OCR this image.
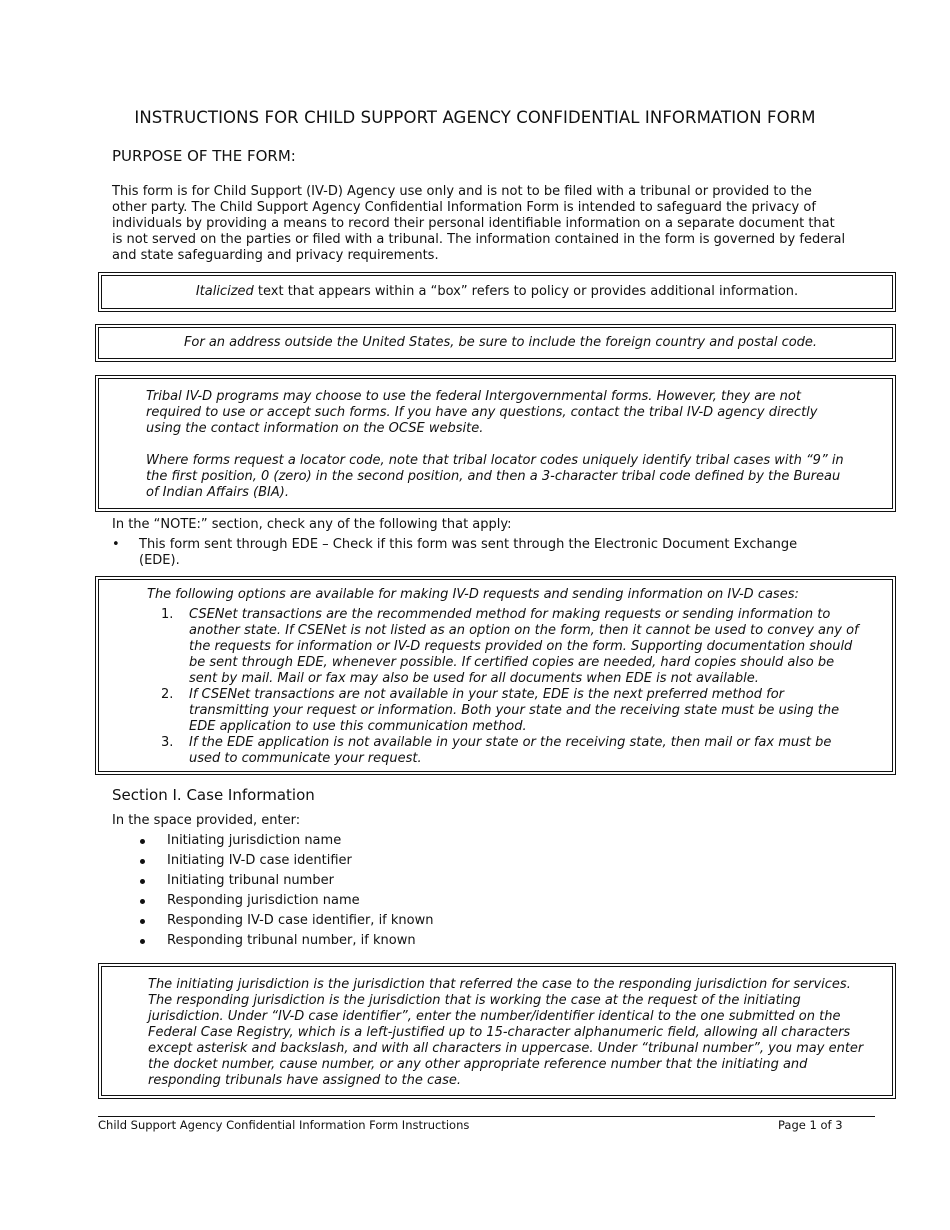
INSTRUCTIONS FOR CHILD SUPPORT AGENCY CONFIDENTIAL INFORMATION FORM
PURPOSE OF THE FORM:

This form is for Child Support (IV-D) Agency use only and is not to be filed with a tribunal or provided to the other party. The Child Support Agency Confidential Information Form is intended to safeguard the privacy of individuals by providing a means to record their personal identifiable information on a separate document that is not served on the parties or filed with a tribunal. The information contained in the form is governed by federal and state safeguarding and privacy requirements.

Italicized text that appears within a “box” refers to policy or provides additional information.

For an address outside the United States, be sure to include the foreign country and postal code.

Tribal IV-D programs may choose to use the federal Intergovernmental forms. However, they are not required to use or accept such forms. If you have any questions, contact the tribal IV-D agency directly using the contact information on the OCSE website.

Where forms request a locator code, note that tribal locator codes uniquely identify tribal cases with “9” in the first position, 0 (zero) in the second position, and then a 3-character tribal code defined by the Bureau of Indian Affairs (BIA).

In the “NOTE:” section, check any of the following that apply:
• This form sent through EDE – Check if this form was sent through the Electronic Document Exchange (EDE).

The following options are available for making IV-D requests and sending information on IV-D cases:

1. CSENet transactions are the recommended method for making requests or sending information to another state. If CSENet is not listed as an option on the form, then it cannot be used to convey any of the requests for information or IV-D requests provided on the form. Supporting documentation should be sent through EDE, whenever possible. If certified copies are needed, hard copies should also be sent by mail. Mail or fax may also be used for all documents when EDE is not available.
2. If CSENet transactions are not available in your state, EDE is the next preferred method for transmitting your request or information. Both your state and the receiving state must be using the EDE application to use this communication method.
3. If the EDE application is not available in your state or the receiving state, then mail or fax must be used to communicate your request.
Section I. Case Information
In the space provided, enter:
Initiating jurisdiction name
Initiating IV-D case identifier
Initiating tribunal number
Responding jurisdiction name
Responding IV-D case identifier, if known
Responding tribunal number, if known

The initiating jurisdiction is the jurisdiction that referred the case to the responding jurisdiction for services. The responding jurisdiction is the jurisdiction that is working the case at the request of the initiating jurisdiction. Under “IV-D case identifier”, enter the number/identifier identical to the one submitted on the Federal Case Registry, which is a left-justified up to 15-character alphanumeric field, allowing all characters except asterisk and backslash, and with all characters in uppercase. Under “tribunal number”, you may enter the docket number, cause number, or any other appropriate reference number that the initiating and responding tribunals have assigned to the case.

Child Support Agency Confidential Information Form Instructions	Page 1 of 3
